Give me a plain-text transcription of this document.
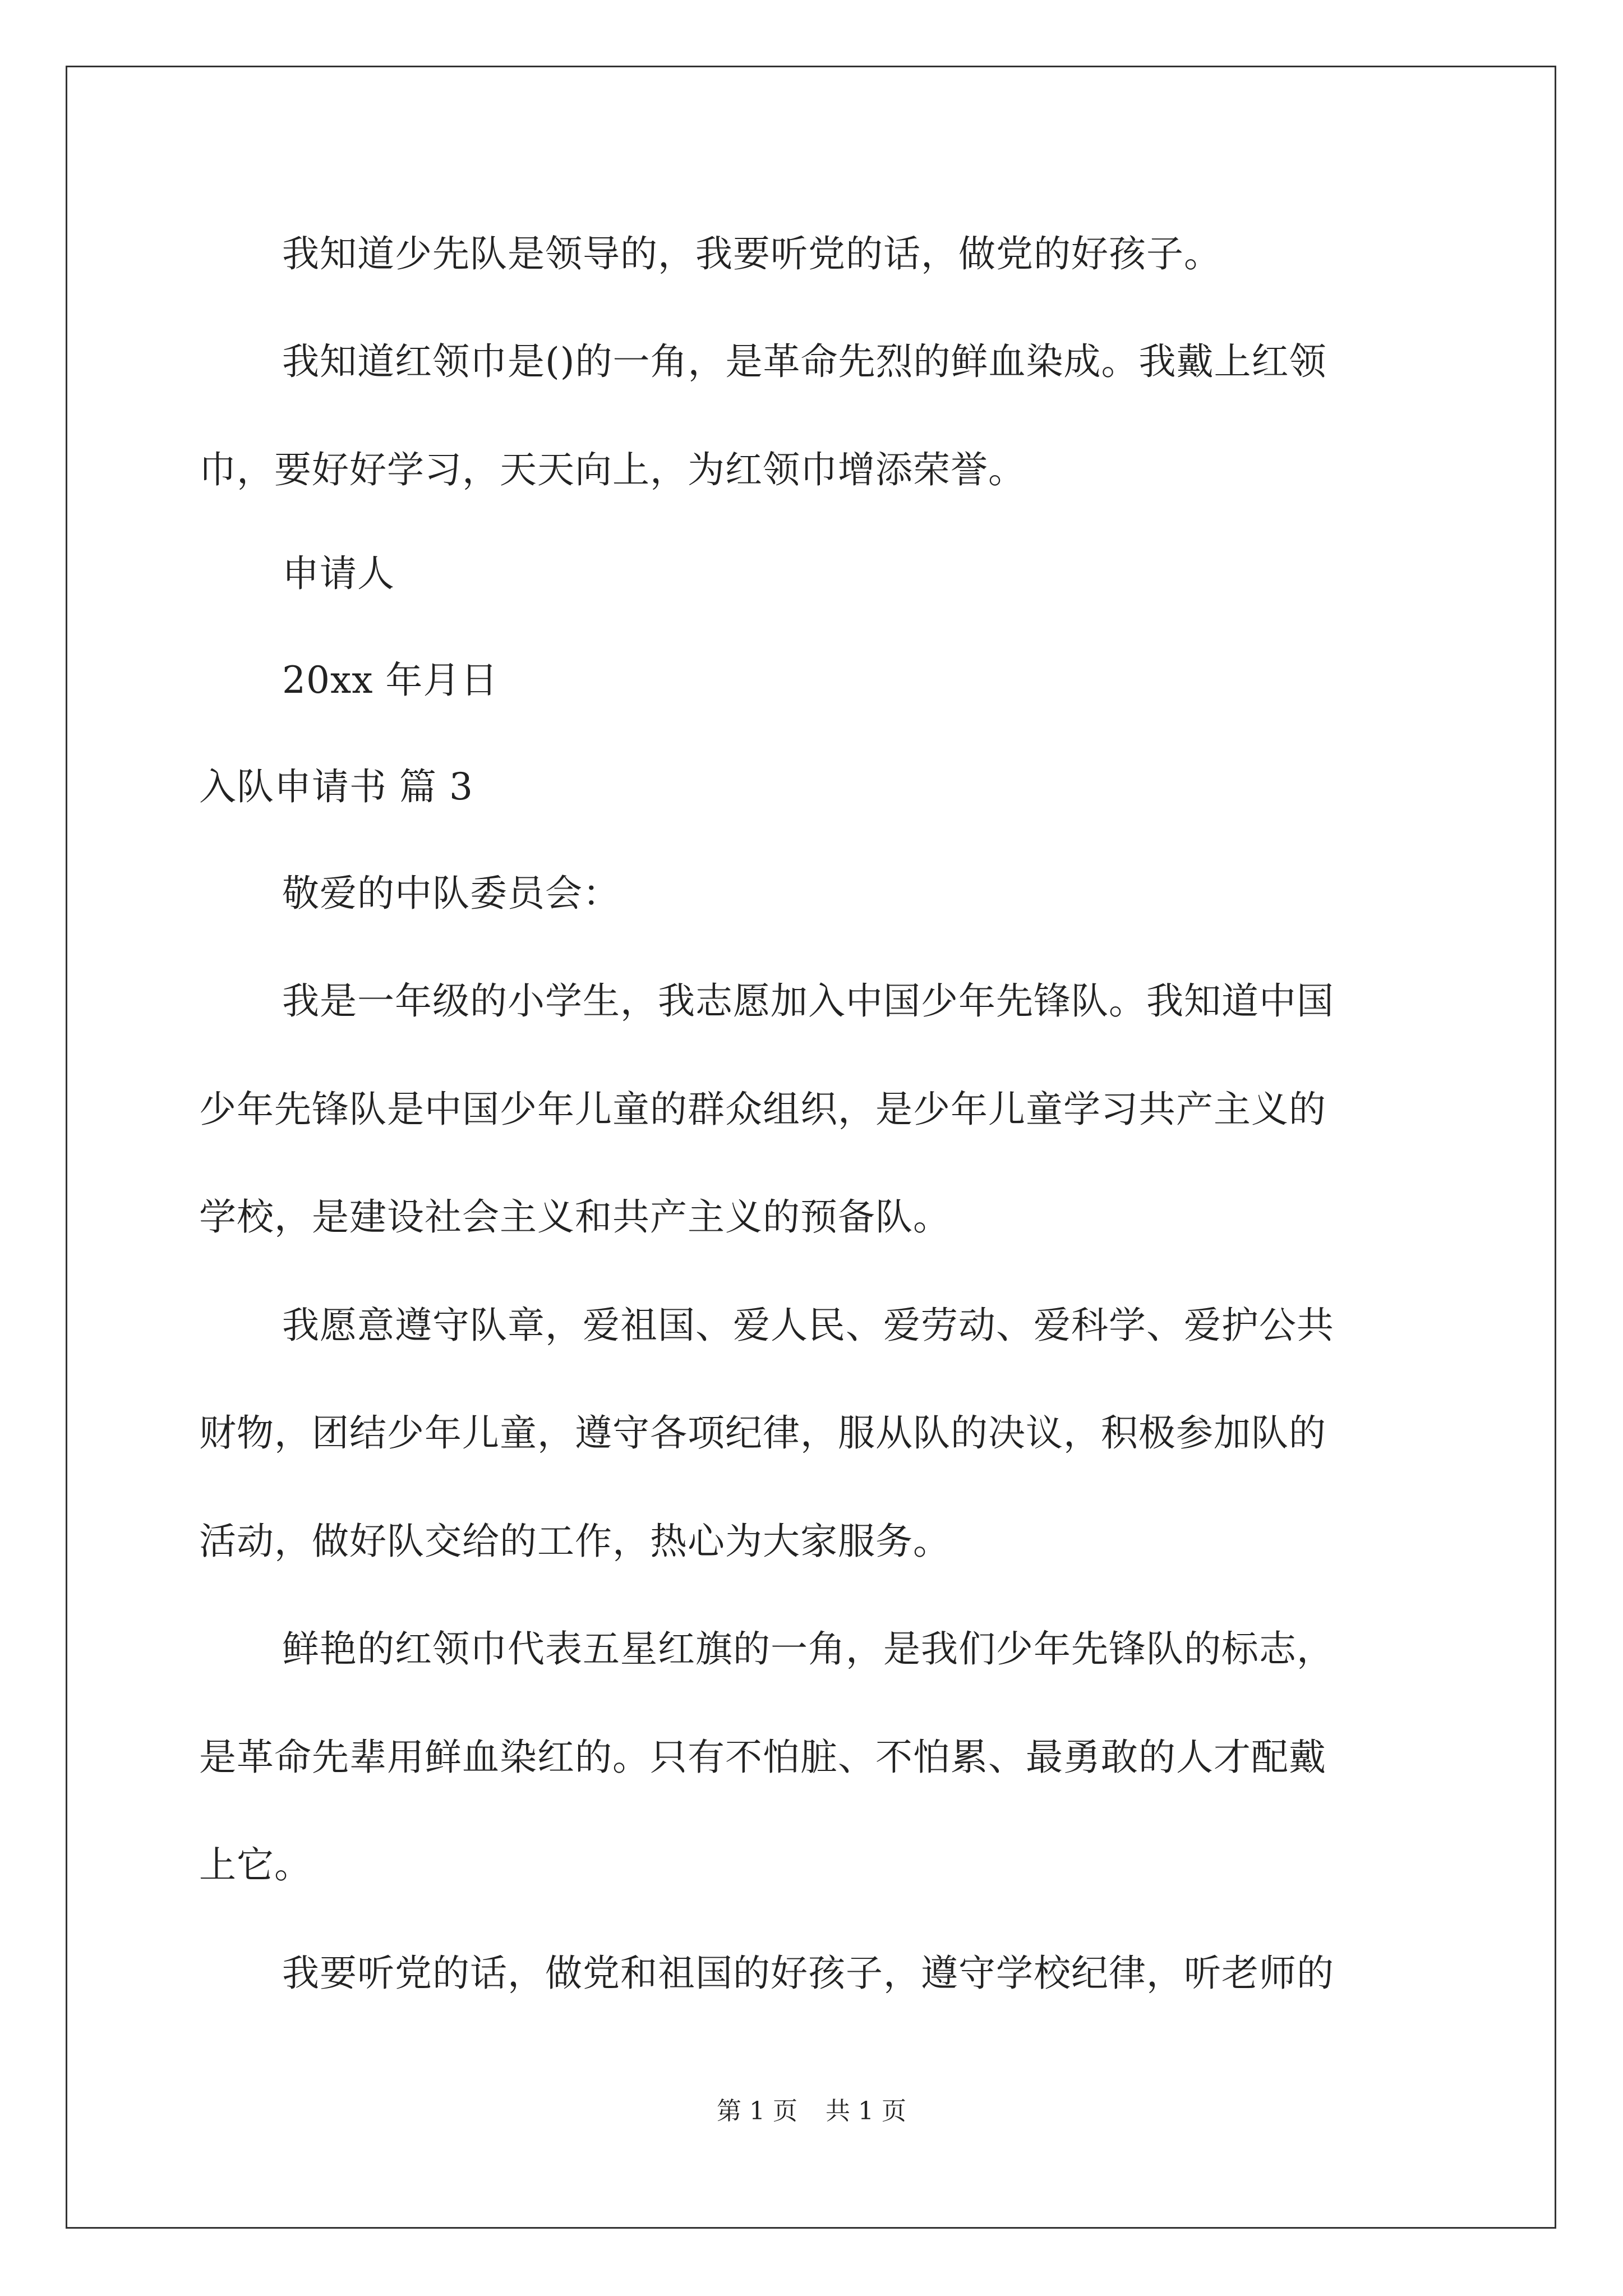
我知道少先队是领导的，我要听党的话，做党的好孩子。
我知道红领巾是()的一角，是革命先烈的鲜血染成。我戴上红领
巾，要好好学习，天天向上，为红领巾增添荣誉。
申请人
20xx 年月日
入队申请书 篇 3
敬爱的中队委员会：
我是一年级的小学生，我志愿加入中国少年先锋队。我知道中国
少年先锋队是中国少年儿童的群众组织，是少年儿童学习共产主义的
学校，是建设社会主义和共产主义的预备队。
我愿意遵守队章，爱祖国、爱人民、爱劳动、爱科学、爱护公共
财物，团结少年儿童，遵守各项纪律，服从队的决议，积极参加队的
活动，做好队交给的工作，热心为大家服务。
鲜艳的红领巾代表五星红旗的一角，是我们少年先锋队的标志，
是革命先辈用鲜血染红的。只有不怕脏、不怕累、最勇敢的人才配戴
上它。
我要听党的话，做党和祖国的好孩子，遵守学校纪律，听老师的
第 1 页 共 1 页
